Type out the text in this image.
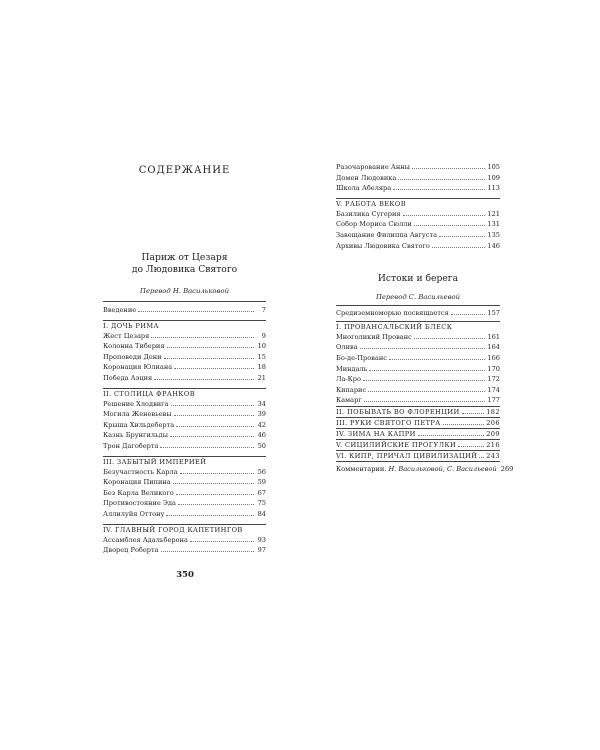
СОДЕРЖАНИЕ
Париж от Цезаря
до Людовика Святого
Перевод Н. Васильковой
Введение	7
I. ДОЧЬ РИМА
Жест Цезаря	9
Колонна Тиберия	10
Проповеди Дени	15
Коронация Юлиана	18
Победа Аэция	21
II. СТОЛИЦА ФРАНКОВ
Решение Хлодвига	34
Могила Женевьевы	39
Крыша Хильдеберта	42
Казнь Брунгильды	46
Трон Дагоберта	50
III. ЗАБЫТЫЙ ИМПЕРИЕЙ
Безучастность Карла	56
Коронация Пипина	59
Без Карла Великого	67
Противостояние Эда	75
Аллилуйя Оттону	84
IV. ГЛАВНЫЙ ГОРОД КАПЕТИНГОВ
Ассамблея Адальберона	93
Дворец Роберта	97
350
Разочарование Анны	105
Домен Людовика	109
Школа Абеляра	113
V. РАБОТА ВЕКОВ
Базилика Сугерия	121
Собор Мориса Сюлли	131
Завещание Филиппа Августа	135
Архивы Людовика Святого	146
Истоки и берега
Перевод С. Васильевой
Средиземноморью посвящается	157
I. ПРОВАНСАЛЬСКИЙ БЛЕСК
Многоликий Прованс	161
Олива	164
Бо-де-Прованс	166
Миндаль	170
Ла-Кро	172
Кипарис	174
Камарг	177
II. ПОБЫВАТЬ ВО ФЛОРЕНЦИИ	182
III. РУКИ СВЯТОГО ПЕТРА	206
IV. ЗИМА НА КАПРИ	209
V. СИЦИЛИЙСКИЕ ПРОГУЛКИ	216
VI. КИПР, ПРИЧАЛ ЦИВИЛИЗАЦИЙ 243
Комментарии. Н. Васильковой, С. Васильевой 269
